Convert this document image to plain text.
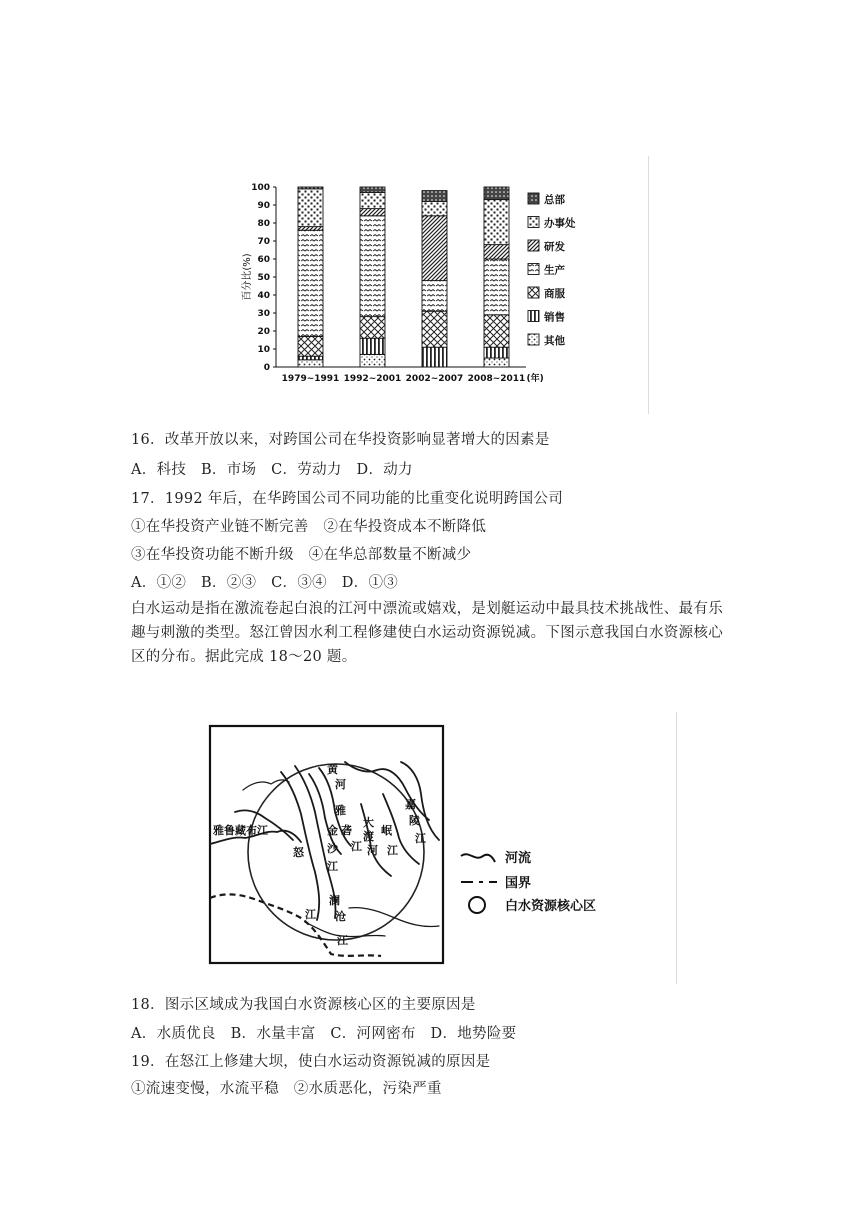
0
10
20
30
40
50
60
70
80
90
100
百分比(%)
1979~1991 1992~2001 2002~2007 2008~2011 (年)
总部
办事处
研发
生产
商服
销售
其他
16．改革开放以来，对跨国公司在华投资影响显著增大的因素是
A．科技　B．市场　C．劳动力　D．动力
17．1992 年后，在华跨国公司不同功能的比重变化说明跨国公司
①在华投资产业链不断完善　②在华投资成本不断降低
③在华投资功能不断升级　④在华总部数量不断减少
A．①②　B．②③　C．③④　D．①③
白水运动是指在激流卷起白浪的江河中漂流或嬉戏，是划艇运动中最具技术挑战性、最有乐趣与刺激的类型。怒江曾因水利工程修建使白水运动资源锐减。下图示意我国白水资源核心区的分布。据此完成 18～20 题。
黄
河
雅
金 砻
江
沙
江
大
渡
河
岷
江
嘉
陵
江
雅鲁藏布江
怒
江
澜
沧
江
河流
国界
白水资源核心区
18．图示区域成为我国白水资源核心区的主要原因是
A．水质优良　B．水量丰富　C．河网密布　D．地势险要
19．在怒江上修建大坝，使白水运动资源锐减的原因是
①流速变慢，水流平稳　②水质恶化，污染严重
